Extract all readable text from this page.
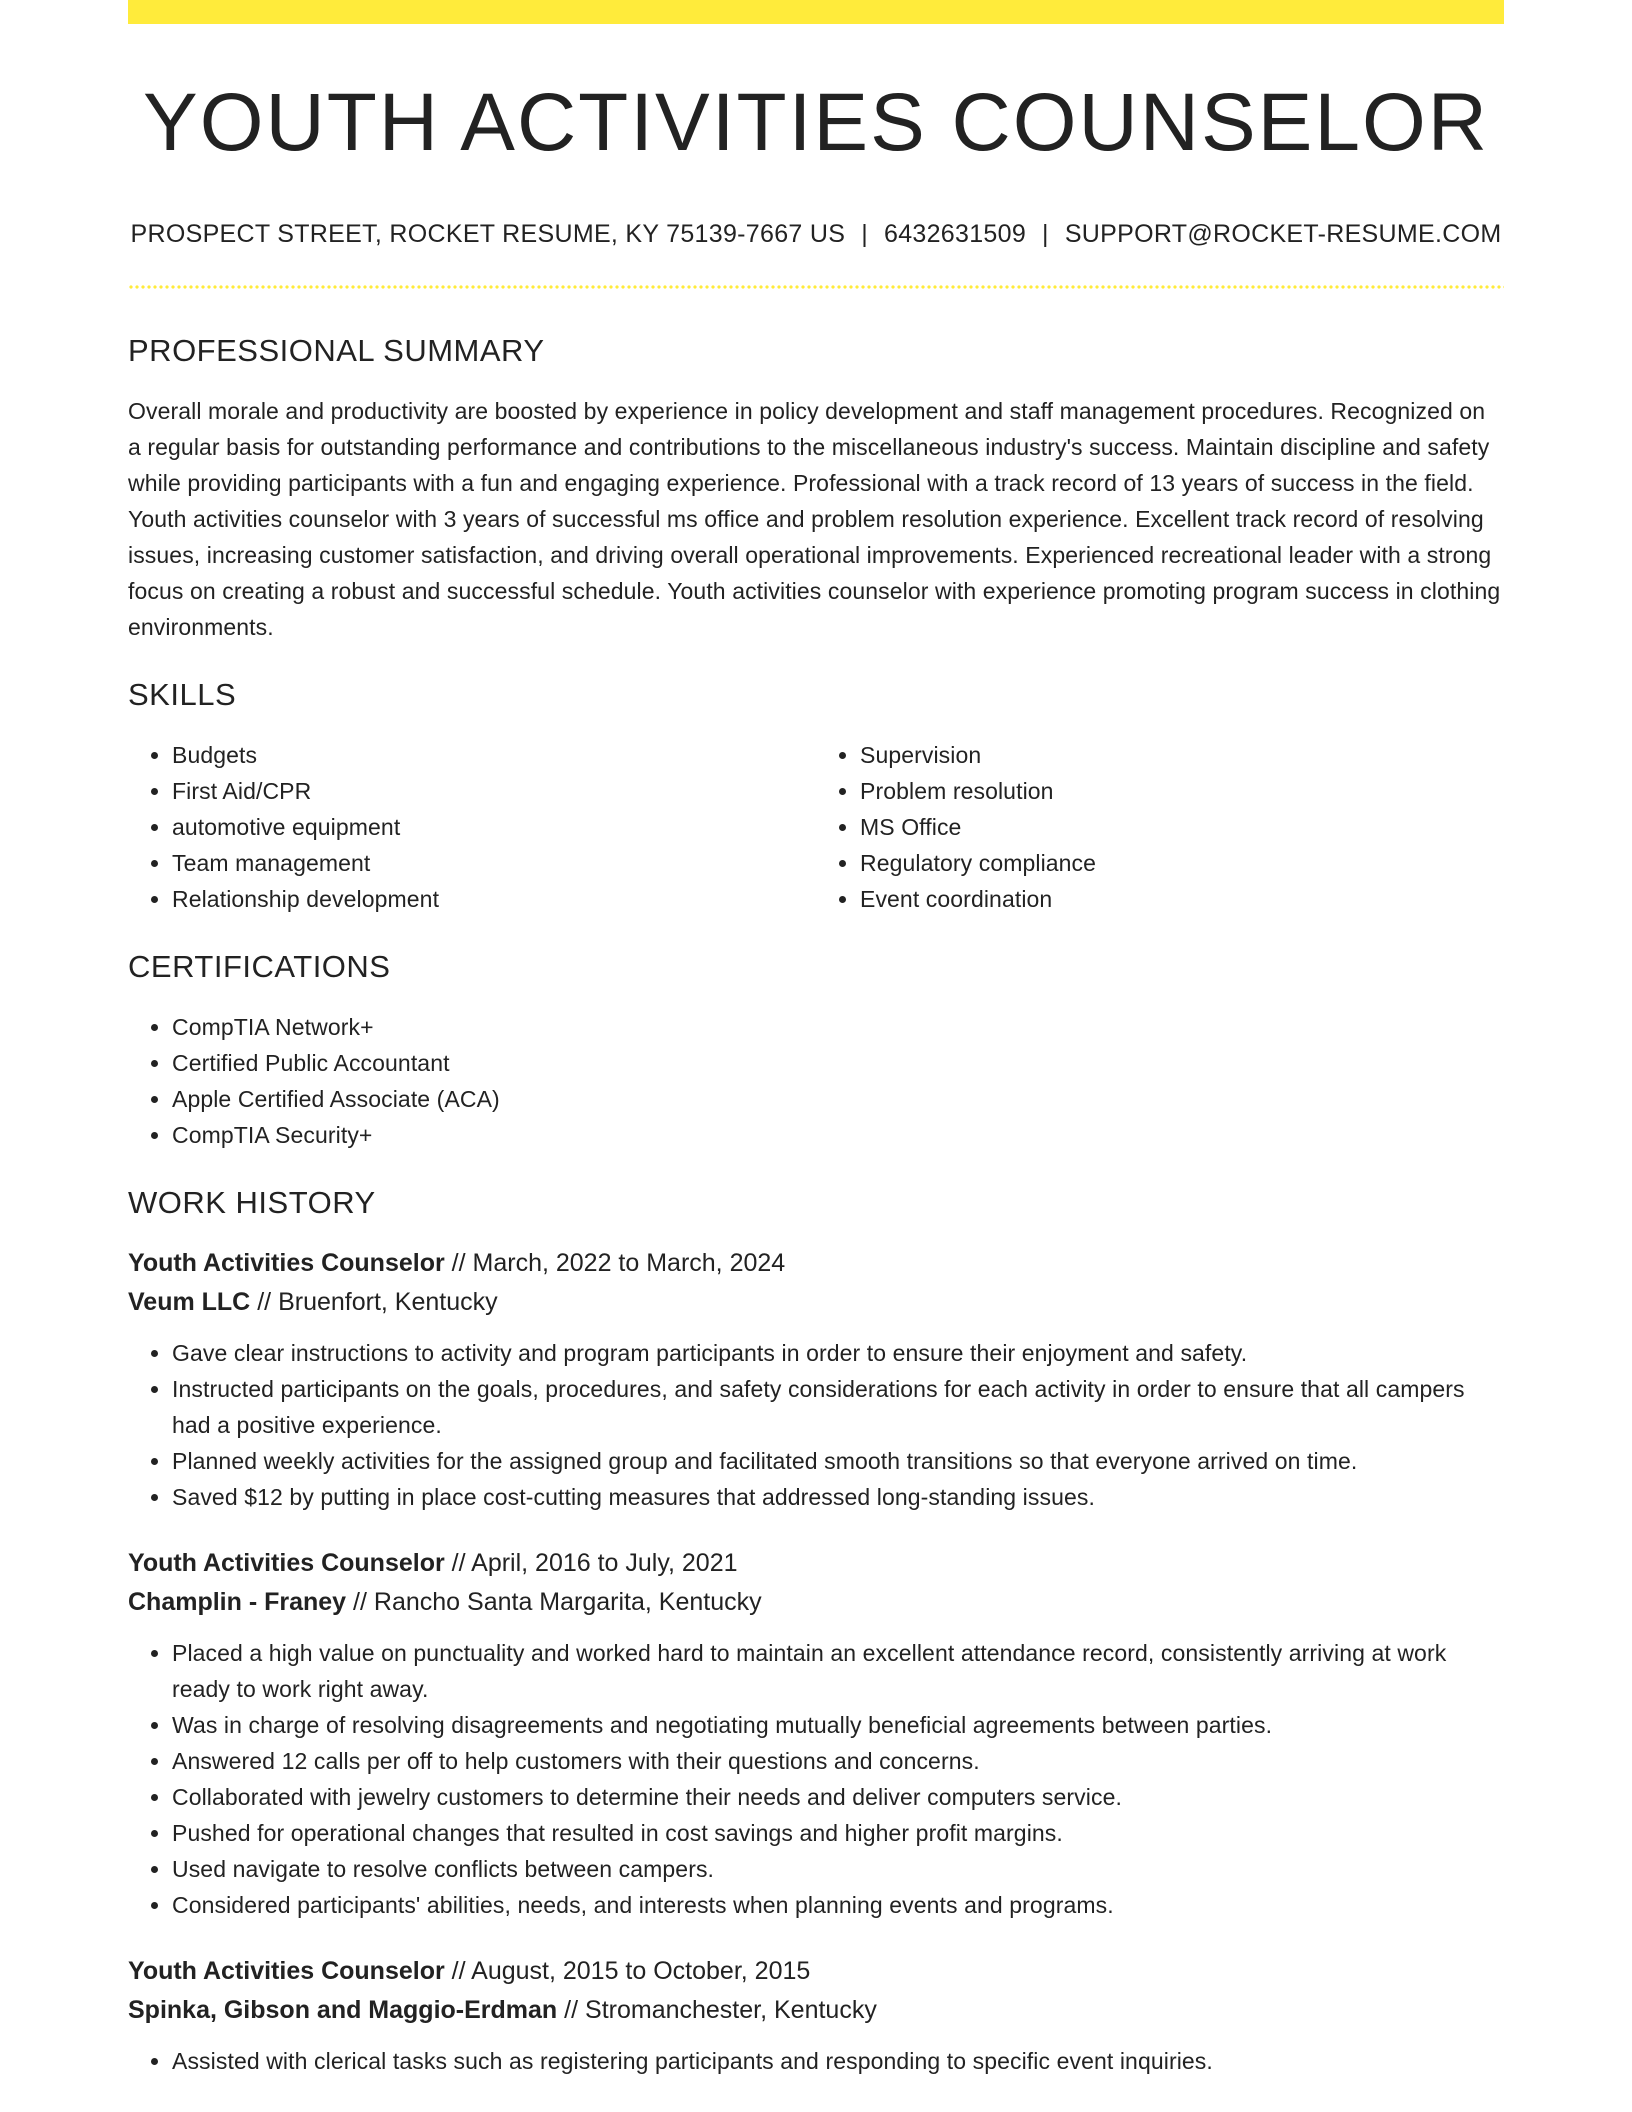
YOUTH ACTIVITIES COUNSELOR
PROSPECT STREET, ROCKET RESUME, KY 75139-7667 US | 6432631509 | SUPPORT@ROCKET-RESUME.COM
PROFESSIONAL SUMMARY
Overall morale and productivity are boosted by experience in policy development and staff management procedures. Recognized on a regular basis for outstanding performance and contributions to the miscellaneous industry's success. Maintain discipline and safety while providing participants with a fun and engaging experience. Professional with a track record of 13 years of success in the field. Youth activities counselor with 3 years of successful ms office and problem resolution experience. Excellent track record of resolving issues, increasing customer satisfaction, and driving overall operational improvements. Experienced recreational leader with a strong focus on creating a robust and successful schedule. Youth activities counselor with experience promoting program success in clothing environments.
SKILLS
• Budgets
• First Aid/CPR
• automotive equipment
• Team management
• Relationship development
• Supervision
• Problem resolution
• MS Office
• Regulatory compliance
• Event coordination
CERTIFICATIONS
• CompTIA Network+
• Certified Public Accountant
• Apple Certified Associate (ACA)
• CompTIA Security+
WORK HISTORY
Youth Activities Counselor // March, 2022 to March, 2024
Veum LLC // Bruenfort, Kentucky
• Gave clear instructions to activity and program participants in order to ensure their enjoyment and safety.
• Instructed participants on the goals, procedures, and safety considerations for each activity in order to ensure that all campers had a positive experience.
• Planned weekly activities for the assigned group and facilitated smooth transitions so that everyone arrived on time.
• Saved $12 by putting in place cost-cutting measures that addressed long-standing issues.
Youth Activities Counselor // April, 2016 to July, 2021
Champlin - Franey // Rancho Santa Margarita, Kentucky
• Placed a high value on punctuality and worked hard to maintain an excellent attendance record, consistently arriving at work ready to work right away.
• Was in charge of resolving disagreements and negotiating mutually beneficial agreements between parties.
• Answered 12 calls per off to help customers with their questions and concerns.
• Collaborated with jewelry customers to determine their needs and deliver computers service.
• Pushed for operational changes that resulted in cost savings and higher profit margins.
• Used navigate to resolve conflicts between campers.
• Considered participants' abilities, needs, and interests when planning events and programs.
Youth Activities Counselor // August, 2015 to October, 2015
Spinka, Gibson and Maggio-Erdman // Stromanchester, Kentucky
• Assisted with clerical tasks such as registering participants and responding to specific event inquiries.
